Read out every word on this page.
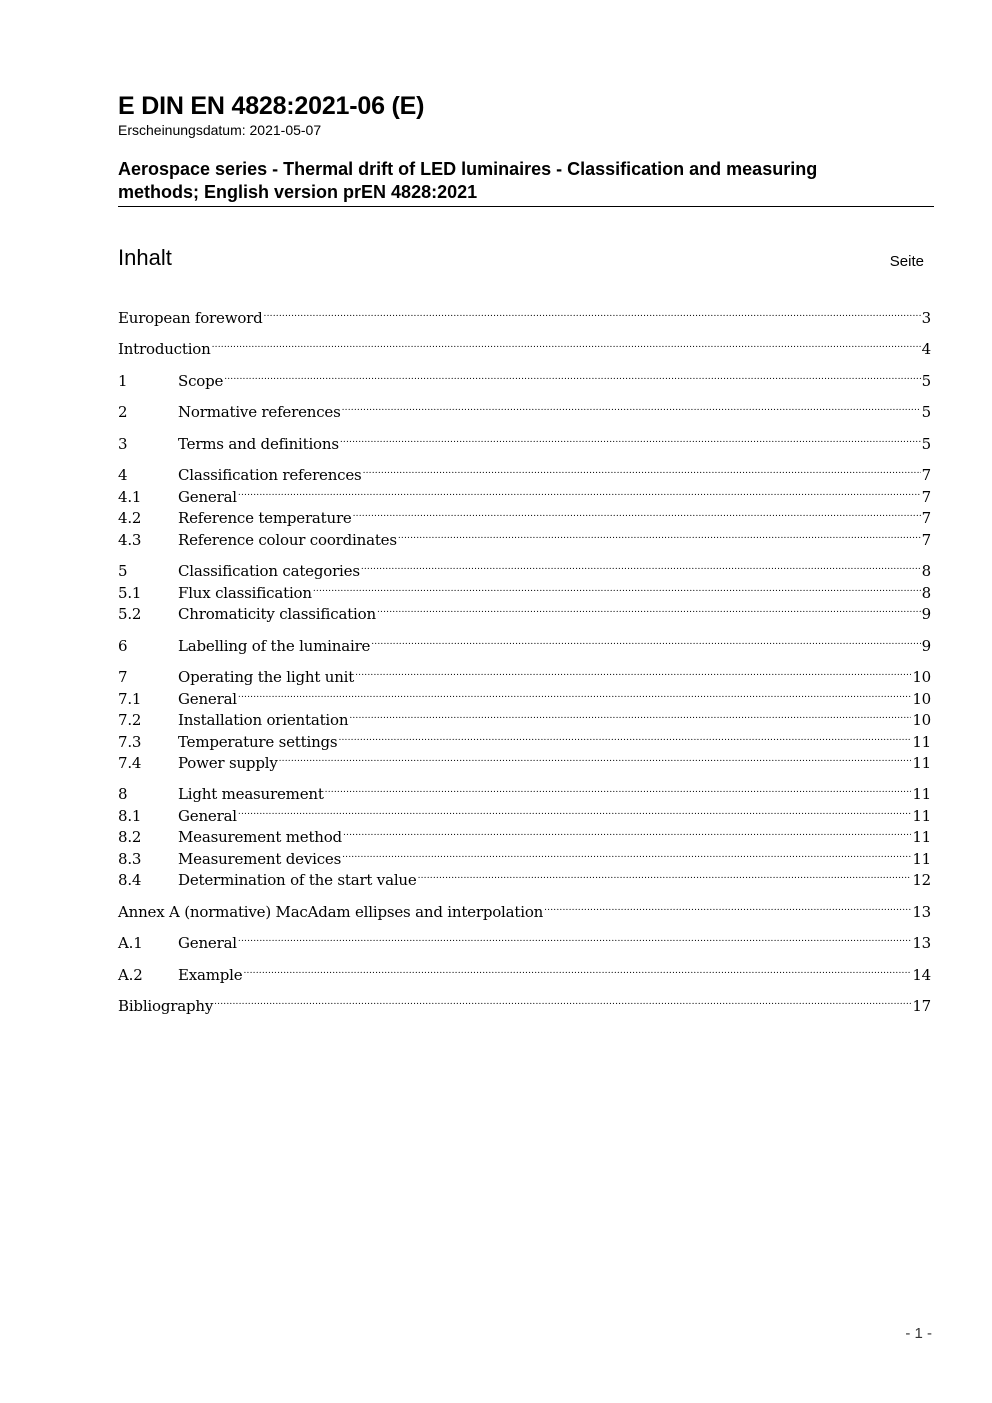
E DIN EN 4828:2021-06 (E)
Erscheinungsdatum: 2021-05-07
Aerospace series - Thermal drift of LED luminaires - Classification and measuring
methods; English version prEN 4828:2021
Inhalt	Seite
European foreword .....	3
Introduction .....	4
1	Scope .....	5
2	Normative references .....	5
3	Terms and definitions .....	5
4	Classification references .....	7
4.1	General .....	7
4.2	Reference temperature .....	7
4.3	Reference colour coordinates .....	7
5	Classification categories .....	8
5.1	Flux classification .....	8
5.2	Chromaticity classification .....	9
6	Labelling of the luminaire .....	9
7	Operating the light unit .....	10
7.1	General .....	10
7.2	Installation orientation .....	10
7.3	Temperature settings .....	11
7.4	Power supply .....	11
8	Light measurement .....	11
8.1	General .....	11
8.2	Measurement method .....	11
8.3	Measurement devices .....	11
8.4	Determination of the start value .....	12
Annex A (normative) MacAdam ellipses and interpolation .....	13
A.1	General .....	13
A.2	Example .....	14
Bibliography .....	17
- 1 -
